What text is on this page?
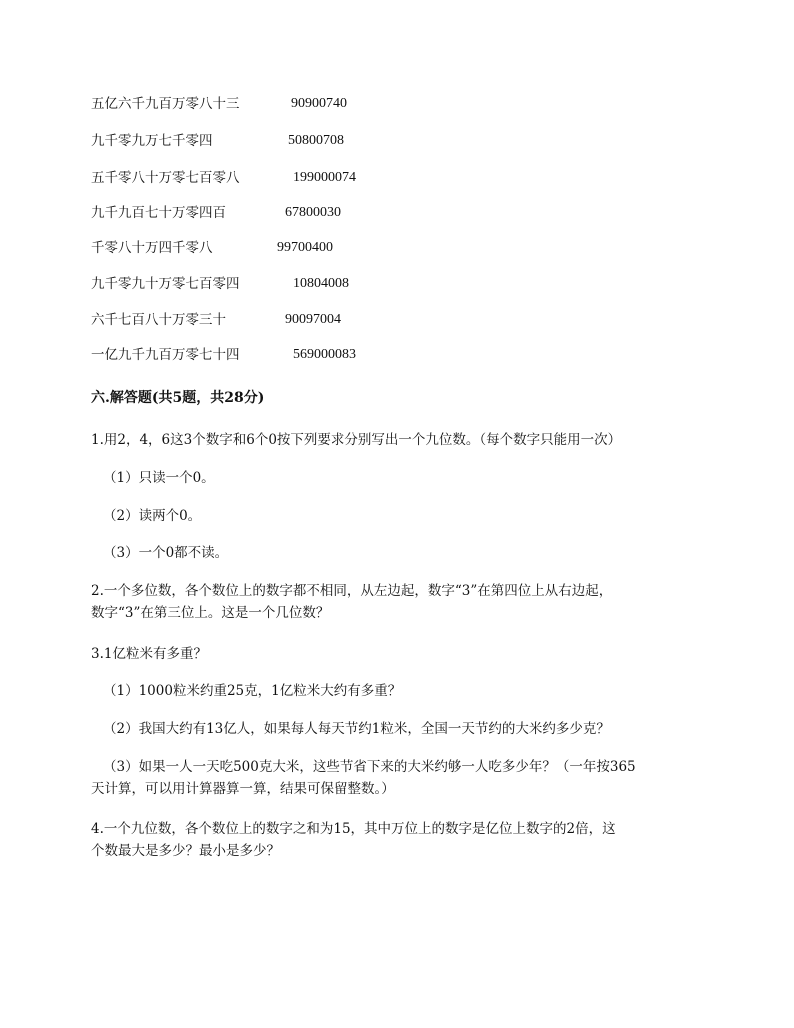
五亿六千九百万零八十三	90900740
九千零九万七千零四	50800708
五千零八十万零七百零八	199000074
九千九百七十万零四百	67800030
千零八十万四千零八	99700400
九千零九十万零七百零四	10804008
六千七百八十万零三十	90097004
一亿九千九百万零七十四	569000083
六.解答题(共5题，共28分)
1.用2，4，6这3个数字和6个0按下列要求分别写出一个九位数。（每个数字只能用一次）
（1）只读一个0。
（2）读两个0。
（3）一个0都不读。
2.一个多位数，各个数位上的数字都不相同，从左边起，数字“3”在第四位上从右边起，
数字“3”在第三位上。这是一个几位数？
3.1亿粒米有多重？
（1）1000粒米约重25克，1亿粒米大约有多重？
（2）我国大约有13亿人，如果每人每天节约1粒米，全国一天节约的大米约多少克？
（3）如果一人一天吃500克大米，这些节省下来的大米约够一人吃多少年？（一年按365
天计算，可以用计算器算一算，结果可保留整数。）
4.一个九位数，各个数位上的数字之和为15，其中万位上的数字是亿位上数字的2倍，这
个数最大是多少？最小是多少？
